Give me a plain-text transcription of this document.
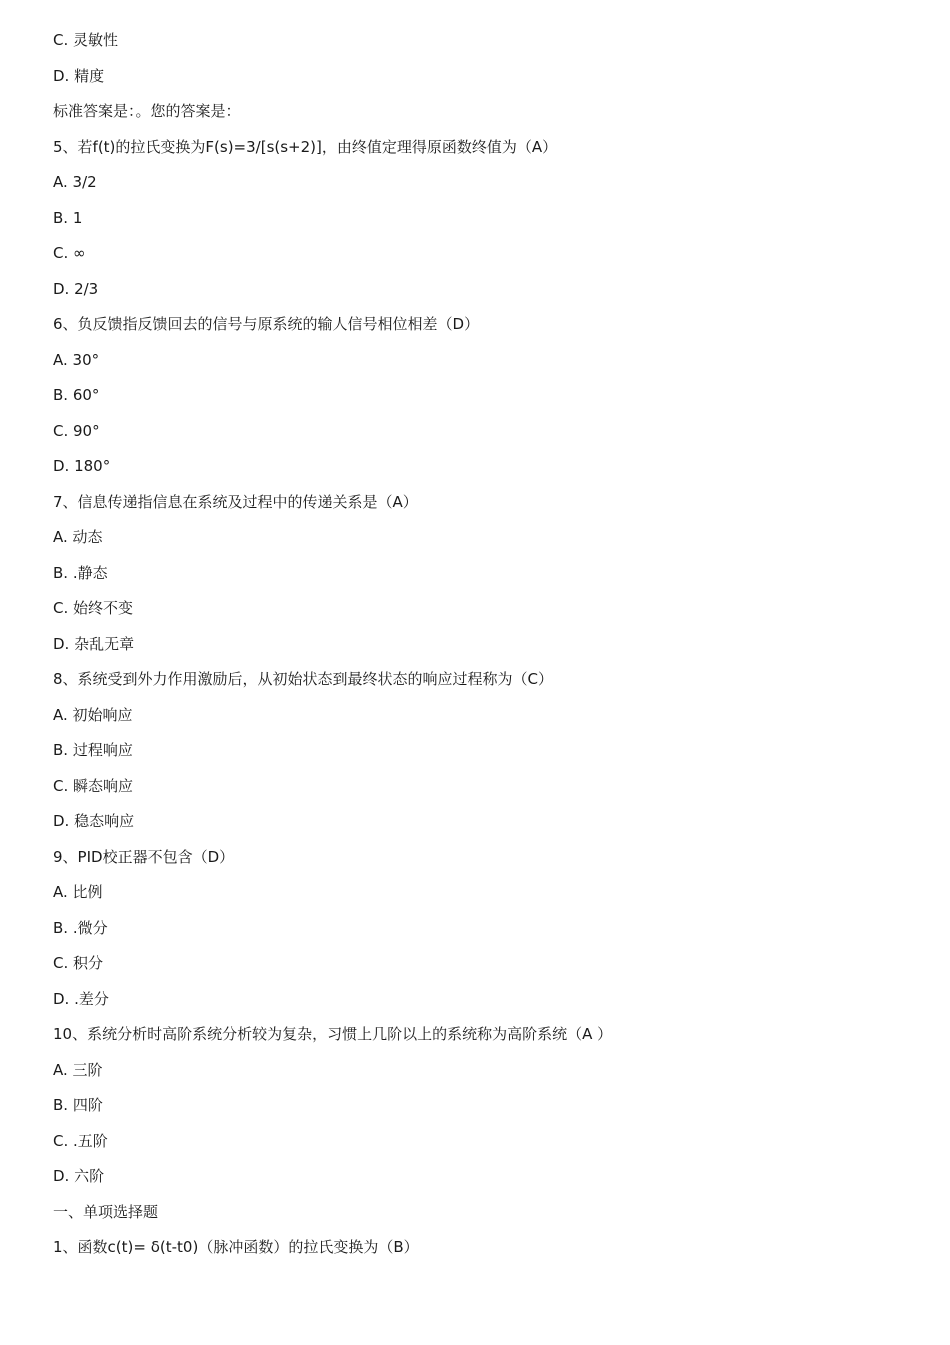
C. 灵敏性
D. 精度
标准答案是：。您的答案是：
5、若f(t)的拉氏变换为F(s)=3/[s(s+2)]，由终值定理得原函数终值为（A）
A. 3/2
B. 1
C. ∞
D. 2/3
6、负反馈指反馈回去的信号与原系统的输人信号相位相差（D）
A. 30°
B. 60°
C. 90°
D. 180°
7、信息传递指信息在系统及过程中的传递关系是（A）
A. 动态
B. .静态
C. 始终不变
D. 杂乱无章
8、系统受到外力作用激励后，从初始状态到最终状态的响应过程称为（C）
A. 初始响应
B. 过程响应
C. 瞬态响应
D. 稳态响应
9、PID校正器不包含（D）
A. 比例
B. .微分
C. 积分
D. .差分
10、系统分析时高阶系统分析较为复杂，习惯上几阶以上的系统称为高阶系统（A ）
A. 三阶
B. 四阶
C. .五阶
D. 六阶
一、单项选择题
1、函数c(t)= δ(t-t0)（脉冲函数）的拉氏变换为（B）
